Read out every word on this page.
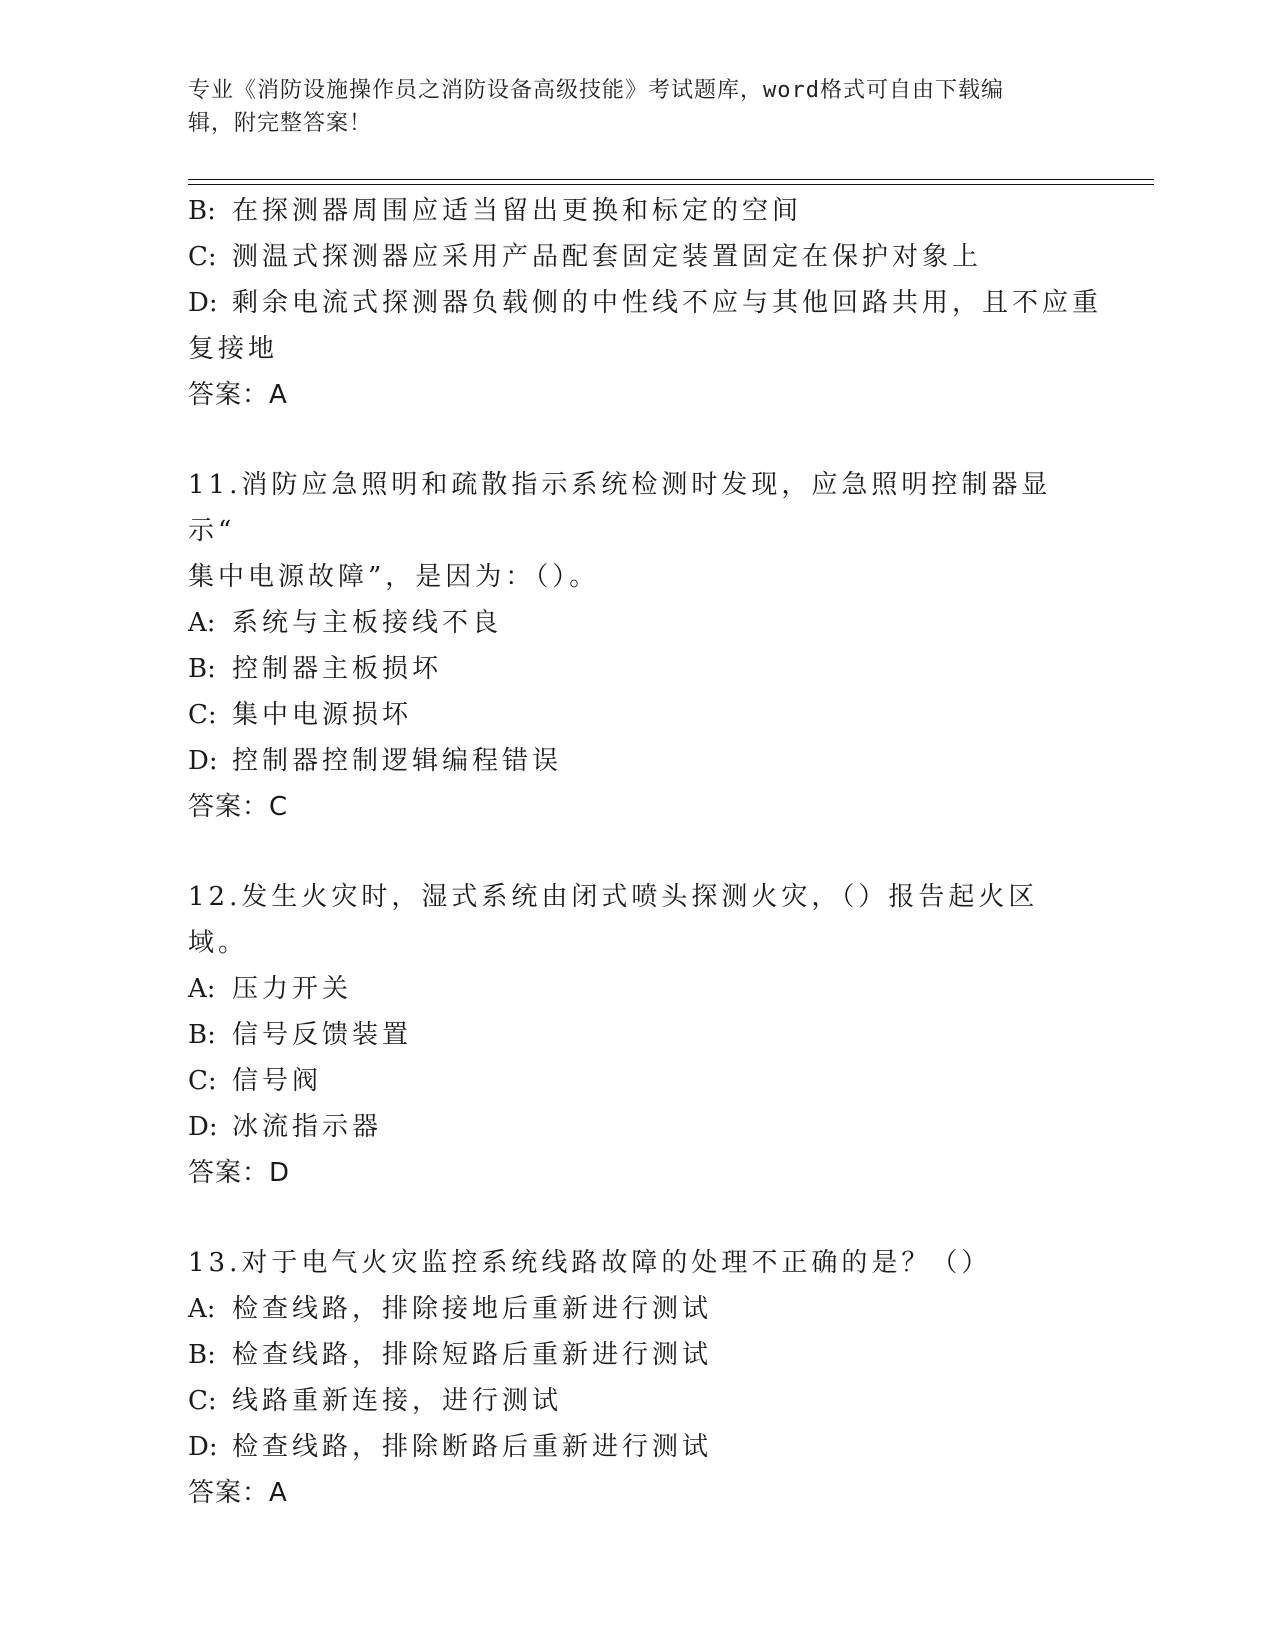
专业《消防设施操作员之消防设备高级技能》考试题库，word格式可自由下载编
辑，附完整答案！
B: 在探测器周围应适当留出更换和标定的空间
C: 测温式探测器应采用产品配套固定装置固定在保护对象上
D: 剩余电流式探测器负载侧的中性线不应与其他回路共用，且不应重
复接地
答案：A
11.消防应急照明和疏散指示系统检测时发现，应急照明控制器显示“
集中电源故障”，是因为：（）。
A: 系统与主板接线不良
B: 控制器主板损坏
C: 集中电源损坏
D: 控制器控制逻辑编程错误
答案：C
12.发生火灾时，湿式系统由闭式喷头探测火灾，（）报告起火区域。
A: 压力开关
B: 信号反馈装置
C: 信号阀
D: 冰流指示器
答案：D
13.对于电气火灾监控系统线路故障的处理不正确的是？（）
A: 检查线路，排除接地后重新进行测试
B: 检查线路，排除短路后重新进行测试
C: 线路重新连接，进行测试
D: 检查线路，排除断路后重新进行测试
答案：A
